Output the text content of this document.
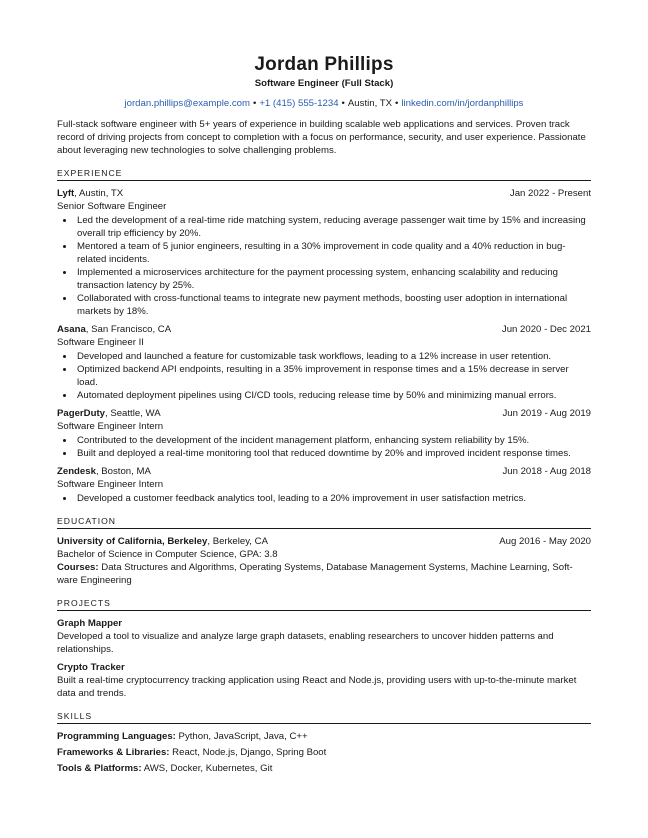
Jordan Phillips
Software Engineer (Full Stack)
jordan.phillips@example.com • +1 (415) 555-1234 • Austin, TX • linkedin.com/in/jordanphillips
Full-stack software engineer with 5+ years of experience in building scalable web applications and services. Proven track record of driving projects from concept to completion with a focus on performance, security, and user experience. Passionate about leveraging new technologies to solve challenging problems.
EXPERIENCE
Lyft, Austin, TX	Jan 2022 - Present
Senior Software Engineer
• Led the development of a real-time ride matching system, reducing average passenger wait time by 15% and increasing overall trip efficiency by 20%.
• Mentored a team of 5 junior engineers, resulting in a 30% improvement in code quality and a 40% reduction in bug-related incidents.
• Implemented a microservices architecture for the payment processing system, enhancing scalability and reducing transaction latency by 25%.
• Collaborated with cross-functional teams to integrate new payment methods, boosting user adoption in international markets by 18%.
Asana, San Francisco, CA	Jun 2020 - Dec 2021
Software Engineer II
• Developed and launched a feature for customizable task workflows, leading to a 12% increase in user retention.
• Optimized backend API endpoints, resulting in a 35% improvement in response times and a 15% decrease in server load.
• Automated deployment pipelines using CI/CD tools, reducing release time by 50% and minimizing manual errors.
PagerDuty, Seattle, WA	Jun 2019 - Aug 2019
Software Engineer Intern
• Contributed to the development of the incident management platform, enhancing system reliability by 15%.
• Built and deployed a real-time monitoring tool that reduced downtime by 20% and improved incident response times.
Zendesk, Boston, MA	Jun 2018 - Aug 2018
Software Engineer Intern
• Developed a customer feedback analytics tool, leading to a 20% improvement in user satisfaction metrics.
EDUCATION
University of California, Berkeley, Berkeley, CA	Aug 2016 - May 2020
Bachelor of Science in Computer Science, GPA: 3.8
Courses: Data Structures and Algorithms, Operating Systems, Database Management Systems, Machine Learning, Soft-ware Engineering
PROJECTS
Graph Mapper
Developed a tool to visualize and analyze large graph datasets, enabling researchers to uncover hidden patterns and relationships.
Crypto Tracker
Built a real-time cryptocurrency tracking application using React and Node.js, providing users with up-to-the-minute market data and trends.
SKILLS
Programming Languages: Python, JavaScript, Java, C++
Frameworks & Libraries: React, Node.js, Django, Spring Boot
Tools & Platforms: AWS, Docker, Kubernetes, Git
